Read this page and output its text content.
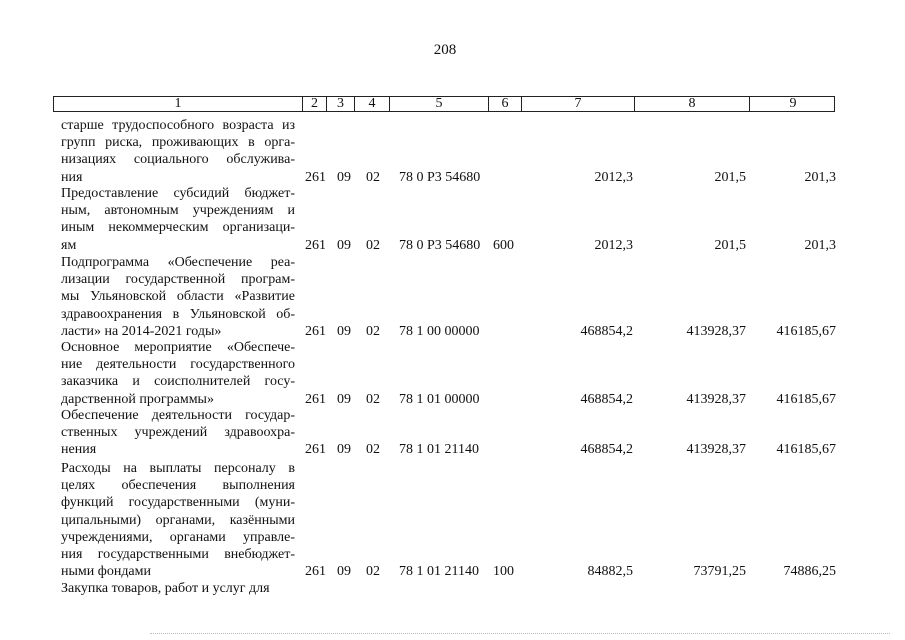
208
1	2	3	4	5	6	7	8	9
старше трудоспособного возраста из
групп риска, проживающих в орга-
низациях социального обслужива-
ния	261 09 02 78 0 Р3 54680	2012,3	201,5	201,3
Предоставление субсидий бюджет-
ным, автономным учреждениям и
иным некоммерческим организаци-
ям	261 09 02 78 0 Р3 54680 600	2012,3	201,5	201,3
Подпрограмма «Обеспечение реа-
лизации государственной програм-
мы Ульяновской области «Развитие
здравоохранения в Ульяновской об-
ласти» на 2014-2021 годы»	261 09 02 78 1 00 00000	468854,2	413928,37 416185,67
Основное мероприятие «Обеспече-
ние деятельности государственного
заказчика и соисполнителей госу-
дарственной программы»	261 09 02 78 1 01 00000	468854,2	413928,37 416185,67
Обеспечение деятельности государ-
ственных учреждений здравоохра-
нения	261 09 02 78 1 01 21140	468854,2	413928,37 416185,67
Расходы на выплаты персоналу в
целях обеспечения выполнения
функций государственными (муни-
ципальными) органами, казёнными
учреждениями, органами управле-
ния государственными внебюджет-
ными фондами	261 09 02 78 1 01 21140 100	84882,5	73791,25	74886,25
Закупка товаров, работ и услуг для
